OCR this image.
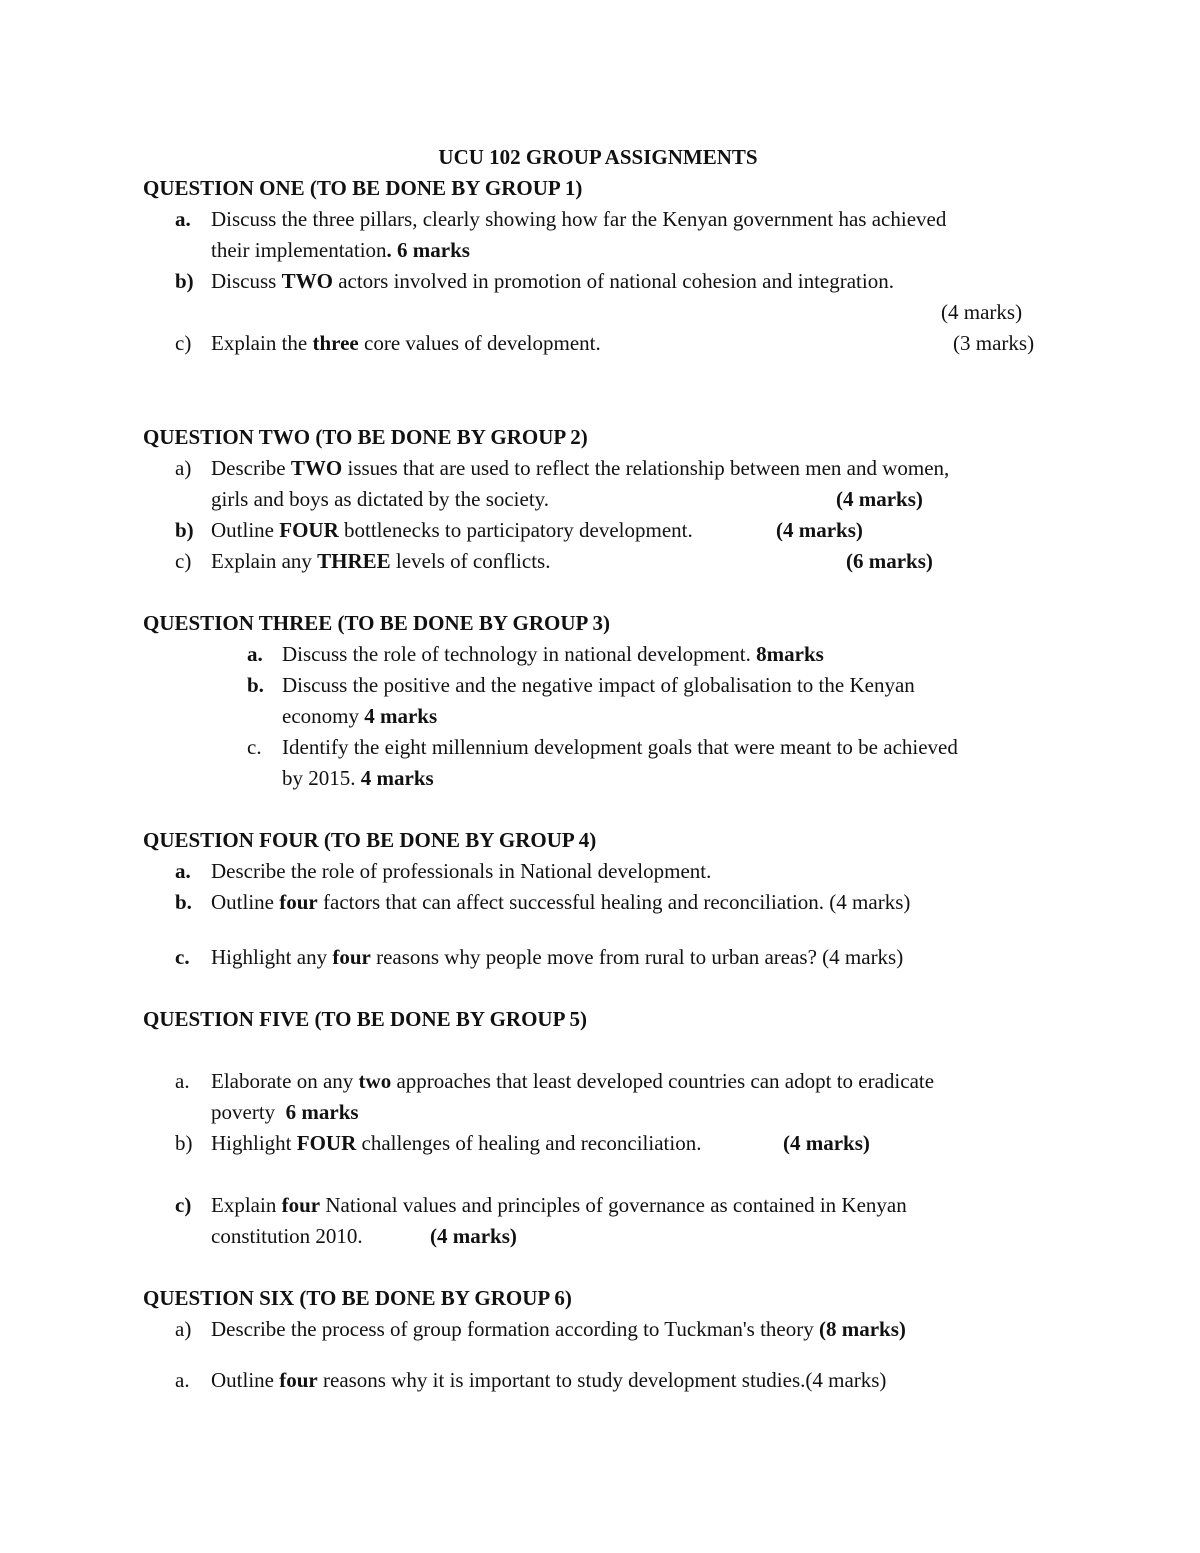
UCU 102 GROUP ASSIGNMENTS
QUESTION ONE (TO BE DONE BY GROUP 1)
a. Discuss the three pillars, clearly showing how far the Kenyan government has achieved
their implementation. 6 marks
b) Discuss TWO actors involved in promotion of national cohesion and integration.
(4 marks)
c) Explain the three core values of development.	(3 marks)
QUESTION TWO (TO BE DONE BY GROUP 2)
a) Describe TWO issues that are used to reflect the relationship between men and women,
girls and boys as dictated by the society.	(4 marks)
b) Outline FOUR bottlenecks to participatory development.	(4 marks)
c) Explain any THREE levels of conflicts.	(6 marks)
QUESTION THREE (TO BE DONE BY GROUP 3)
a. Discuss the role of technology in national development. 8marks
b. Discuss the positive and the negative impact of globalisation to the Kenyan
economy 4 marks
c. Identify the eight millennium development goals that were meant to be achieved
by 2015. 4 marks
QUESTION FOUR (TO BE DONE BY GROUP 4)
a. Describe the role of professionals in National development.
b. Outline four factors that can affect successful healing and reconciliation. (4 marks)
c. Highlight any four reasons why people move from rural to urban areas? (4 marks)
QUESTION FIVE (TO BE DONE BY GROUP 5)
a. Elaborate on any two approaches that least developed countries can adopt to eradicate
poverty  6 marks
b) Highlight FOUR challenges of healing and reconciliation.	(4 marks)
c) Explain four National values and principles of governance as contained in Kenyan
constitution 2010.	(4 marks)
QUESTION SIX (TO BE DONE BY GROUP 6)
a) Describe the process of group formation according to Tuckman's theory (8 marks)
a. Outline four reasons why it is important to study development studies.(4 marks)
